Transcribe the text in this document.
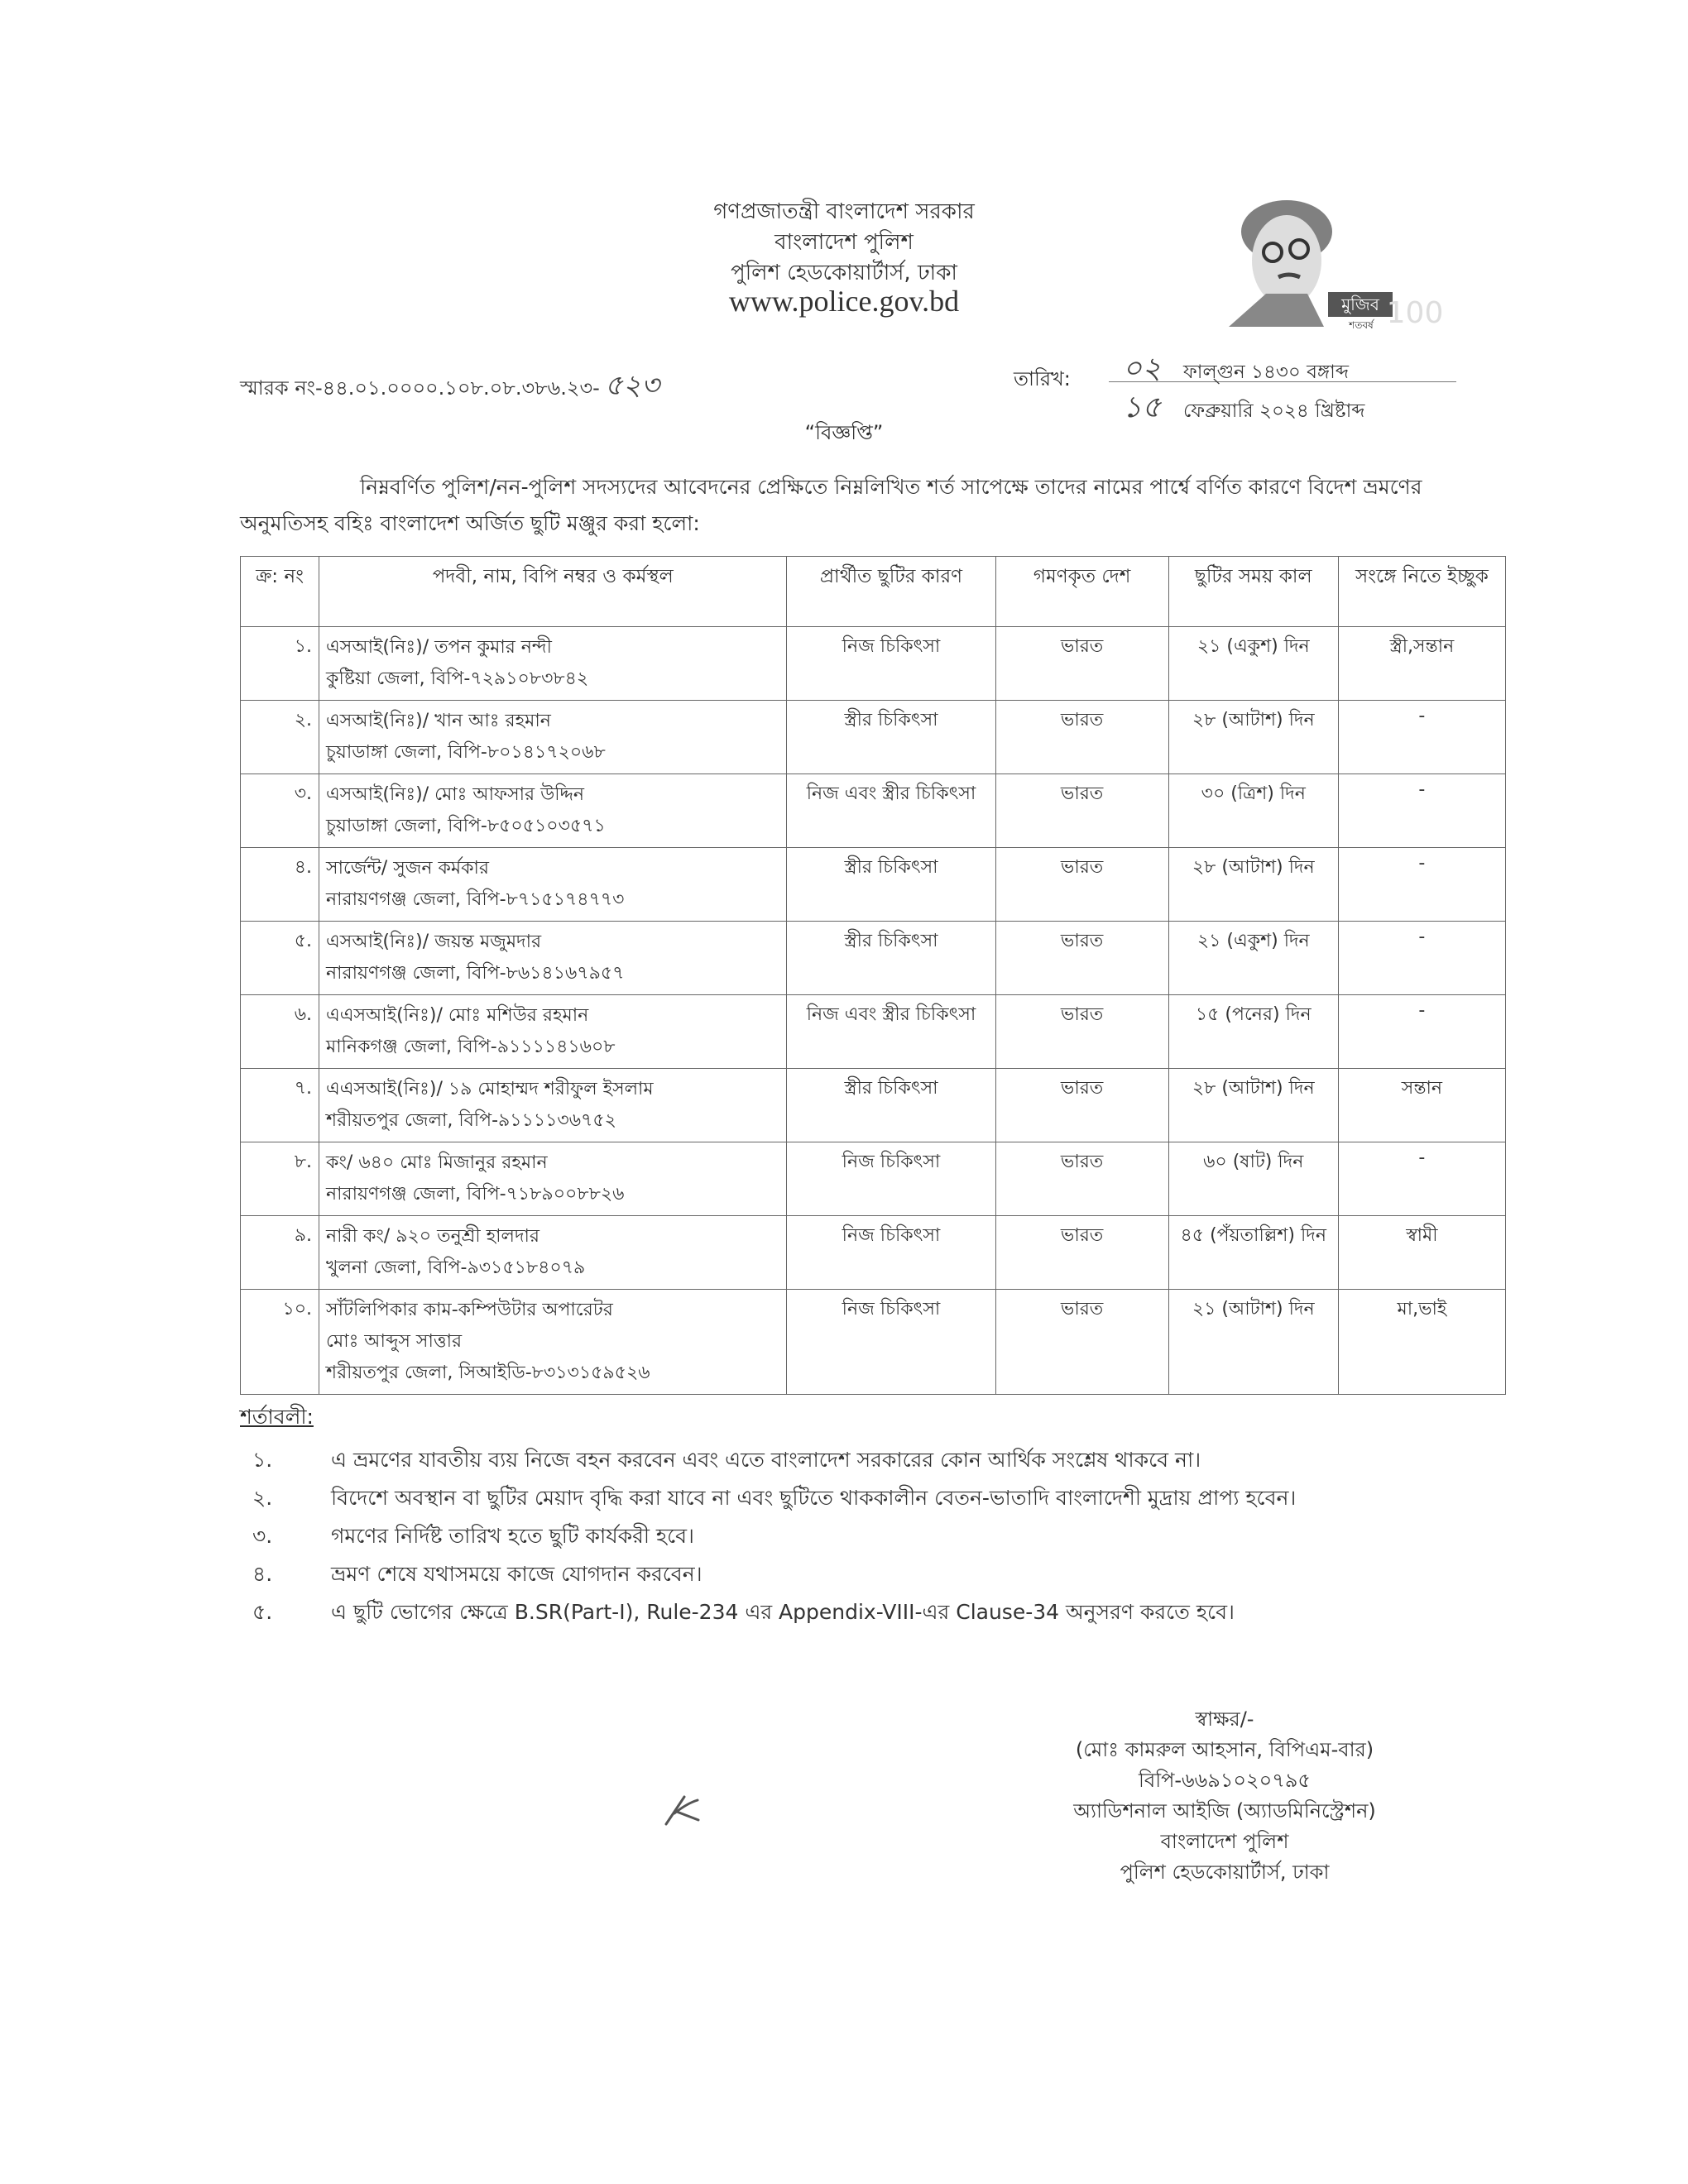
গণপ্রজাতন্ত্রী বাংলাদেশ সরকার
বাংলাদেশ পুলিশ
পুলিশ হেডকোয়ার্টার্স, ঢাকা
www.police.gov.bd	মুজিব
শতবর্ষ 100
স্মারক নং-৪৪.০১.০০০০.১০৮.০৮.৩৮৬.২৩- ৫২৩	তারিখ:	০২	ফাল্গুন ১৪৩০ বঙ্গাব্দ
১৫	ফেব্রুয়ারি ২০২৪ খ্রিষ্টাব্দ
“বিজ্ঞপ্তি”
নিম্নবর্ণিত পুলিশ/নন-পুলিশ সদস্যদের আবেদনের প্রেক্ষিতে নিম্নলিখিত শর্ত সাপেক্ষে তাদের নামের পার্শ্বে বর্ণিত কারণে বিদেশ ভ্রমণের অনুমতিসহ বহিঃ বাংলাদেশ অর্জিত ছুটি মঞ্জুর করা হলো:
ক্র: নং	পদবী, নাম, বিপি নম্বর ও কর্মস্থল	প্রার্থীত ছুটির কারণ	গমণকৃত দেশ	ছুটির সময় কাল	সংঙ্গে নিতে ইচ্ছুক
১.	এসআই(নিঃ)/ তপন কুমার নন্দী
কুষ্টিয়া জেলা, বিপি-৭২৯১০৮৩৮৪২	নিজ চিকিৎসা	ভারত	২১ (একুশ) দিন	স্ত্রী,সন্তান
২.	এসআই(নিঃ)/ খান আঃ রহমান
চুয়াডাঙ্গা জেলা, বিপি-৮০১৪১৭২০৬৮	স্ত্রীর চিকিৎসা	ভারত	২৮ (আটাশ) দিন	-
৩.	এসআই(নিঃ)/ মোঃ আফসার উদ্দিন
চুয়াডাঙ্গা জেলা, বিপি-৮৫০৫১০৩৫৭১	নিজ এবং স্ত্রীর চিকিৎসা	ভারত	৩০ (ত্রিশ) দিন	-
৪.	সার্জেন্ট/ সুজন কর্মকার
নারায়ণগঞ্জ জেলা, বিপি-৮৭১৫১৭৪৭৭৩	স্ত্রীর চিকিৎসা	ভারত	২৮ (আটাশ) দিন	-
৫.	এসআই(নিঃ)/ জয়ন্ত মজুমদার
নারায়ণগঞ্জ জেলা, বিপি-৮৬১৪১৬৭৯৫৭	স্ত্রীর চিকিৎসা	ভারত	২১ (একুশ) দিন	-
৬.	এএসআই(নিঃ)/ মোঃ মশিউর রহমান
মানিকগঞ্জ জেলা, বিপি-৯১১১১৪১৬০৮	নিজ এবং স্ত্রীর চিকিৎসা	ভারত	১৫ (পনের) দিন	-
৭.	এএসআই(নিঃ)/ ১৯ মোহাম্মদ শরীফুল ইসলাম
শরীয়তপুর জেলা, বিপি-৯১১১১৩৬৭৫২	স্ত্রীর চিকিৎসা	ভারত	২৮ (আটাশ) দিন	সন্তান
৮.	কং/ ৬৪০ মোঃ মিজানুর রহমান
নারায়ণগঞ্জ জেলা, বিপি-৭১৮৯০০৮৮২৬	নিজ চিকিৎসা	ভারত	৬০ (ষাট) দিন	-
৯.	নারী কং/ ৯২০ তনুশ্রী হালদার
খুলনা জেলা, বিপি-৯৩১৫১৮৪০৭৯	নিজ চিকিৎসা	ভারত	৪৫ (পঁয়তাল্লিশ) দিন	স্বামী
১০.	সাঁটলিপিকার কাম-কম্পিউটার অপারেটর
মোঃ আব্দুস সাত্তার
শরীয়তপুর জেলা, সিআইডি-৮৩১৩১৫৯৫২৬	নিজ চিকিৎসা	ভারত	২১ (আটাশ) দিন	মা,ভাই
শর্তাবলী:
১.	এ ভ্রমণের যাবতীয় ব্যয় নিজে বহন করবেন এবং এতে বাংলাদেশ সরকারের কোন আর্থিক সংশ্লেষ থাকবে না।
২.	বিদেশে অবস্থান বা ছুটির মেয়াদ বৃদ্ধি করা যাবে না এবং ছুটিতে থাককালীন বেতন-ভাতাদি বাংলাদেশী মুদ্রায় প্রাপ্য হবেন।
৩.	গমণের নির্দিষ্ট তারিখ হতে ছুটি কার্যকরী হবে।
৪.	ভ্রমণ শেষে যথাসময়ে কাজে যোগদান করবেন।
৫.	এ ছুটি ভোগের ক্ষেত্রে B.SR(Part-I), Rule-234 এর Appendix-VIII-এর Clause-34 অনুসরণ করতে হবে।
স্বাক্ষর/-
(মোঃ কামরুল আহসান, বিপিএম-বার)
বিপি-৬৬৯১০২০৭৯৫
অ্যাডিশনাল আইজি (অ্যাডমিনিস্ট্রেশন)
বাংলাদেশ পুলিশ
পুলিশ হেডকোয়ার্টার্স, ঢাকা
